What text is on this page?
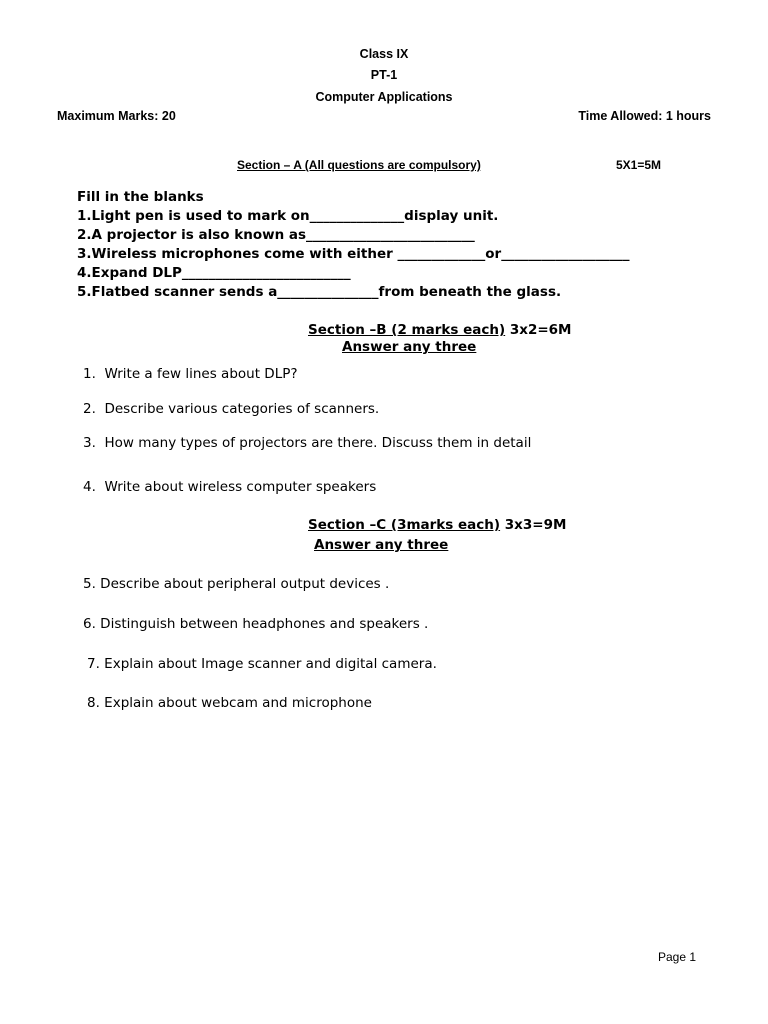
Class IX
PT-1
Computer Applications
Maximum Marks: 20	Time Allowed: 1 hours
Section – A (All questions are compulsory)	5X1=5M
Fill in the blanks
1.Light pen is used to mark on______________display unit.
2.A projector is also known as_________________________
3.Wireless microphones come with either _____________or___________________
4.Expand DLP_________________________
5.Flatbed scanner sends a_______________from beneath the glass.
Section –B (2 marks each) 3x2=6M
Answer any three
1. Write a few lines about DLP?
2. Describe various categories of scanners.
3. How many types of projectors are there. Discuss them in detail
4. Write about wireless computer speakers
Section –C (3marks each) 3x3=9M
Answer any three
5. Describe about peripheral output devices .
6. Distinguish between headphones and speakers .
7. Explain about Image scanner and digital camera.
8. Explain about webcam and microphone
Page 1
